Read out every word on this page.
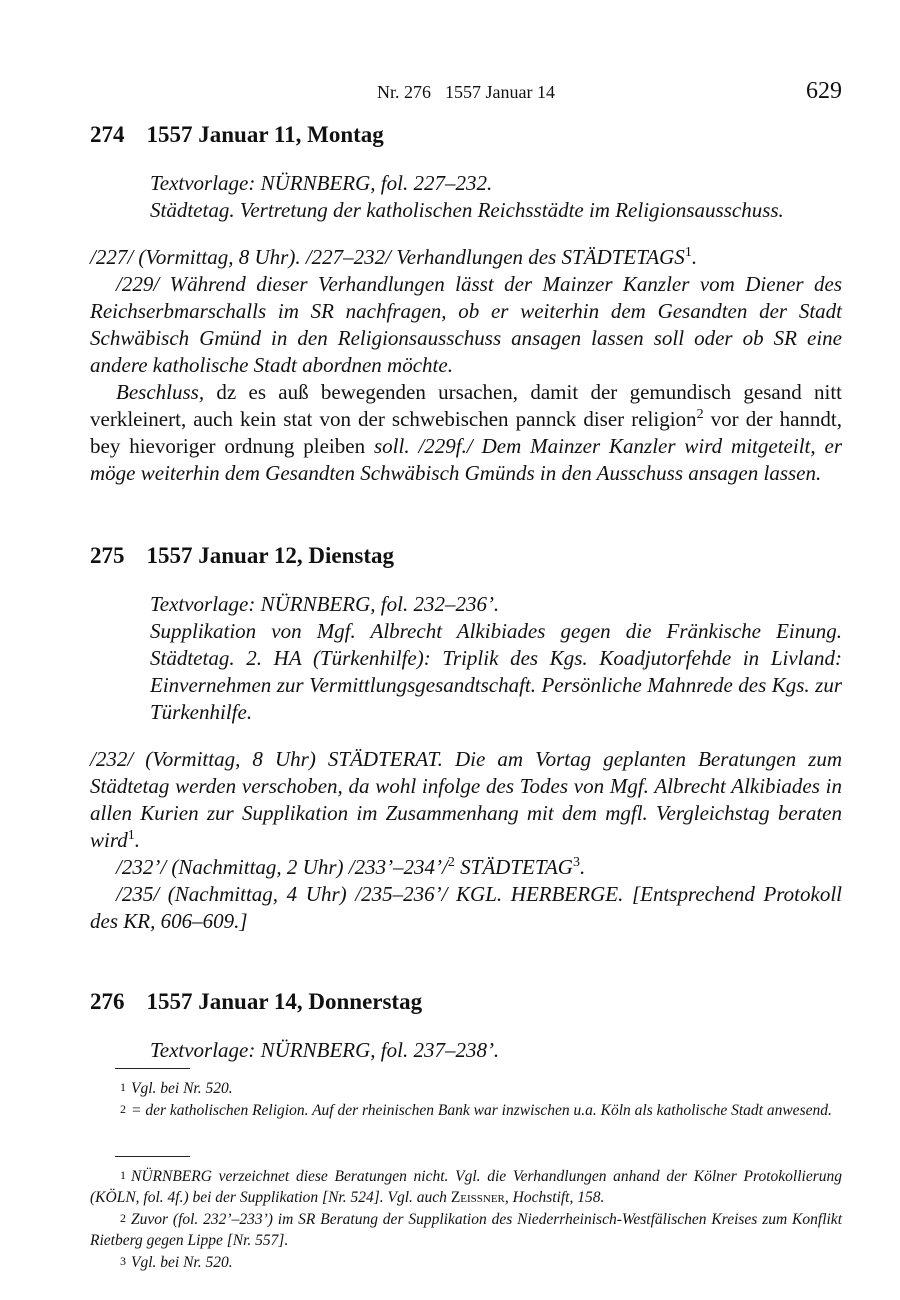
Nr. 276 1557 Januar 14	629
274 1557 Januar 11, Montag
Textvorlage: NÜRNBERG, fol. 227–232.
Städtetag. Vertretung der katholischen Reichsstädte im Religionsausschuss.

/227/ (Vormittag, 8 Uhr). /227–232/ Verhandlungen des STÄDTETAGS$^1$.

/229/ Während dieser Verhandlungen lässt der Mainzer Kanzler vom Diener des Reichserbmarschalls im SR nachfragen, ob er weiterhin dem Gesandten der Stadt Schwäbisch Gmünd in den Religionsausschuss ansagen lassen soll oder ob SR eine andere katholische Stadt abordnen möchte.

Beschluss, dz es auß bewegenden ursachen, damit der gemundisch gesand nitt verkleinert, auch kein stat von der schwebischen pannck diser religion$^2$ vor der hanndt, bey hievoriger ordnung pleiben soll. /229f./ Dem Mainzer Kanzler wird mitgeteilt, er möge weiterhin dem Gesandten Schwäbisch Gmünds in den Ausschuss ansagen lassen.

275 1557 Januar 12, Dienstag
Textvorlage: NÜRNBERG, fol. 232–236’.
Supplikation von Mgf. Albrecht Alkibiades gegen die Fränkische Einung. Städtetag. 2. HA (Türkenhilfe): Triplik des Kgs. Koadjutorfehde in Livland: Einvernehmen zur Vermittlungsgesandtschaft. Persönliche Mahnrede des Kgs. zur Türkenhilfe.

/232/ (Vormittag, 8 Uhr) STÄDTERAT. Die am Vortag geplanten Beratungen zum Städtetag werden verschoben, da wohl infolge des Todes von Mgf. Albrecht Alkibiades in allen Kurien zur Supplikation im Zusammenhang mit dem mgfl. Vergleichstag beraten wird$^1$.

/232’/ (Nachmittag, 2 Uhr) /233’–234’/$^2$ STÄDTETAG$^3$.

/235/ (Nachmittag, 4 Uhr) /235–236’/ KGL. HERBERGE. [Entsprechend Protokoll des KR, 606–609.]

276 1557 Januar 14, Donnerstag
Textvorlage: NÜRNBERG, fol. 237–238’.

1 Vgl. bei Nr. 520.

2 = der katholischen Religion. Auf der rheinischen Bank war inzwischen u.a. Köln als katholische Stadt anwesend.

1 NÜRNBERG verzeichnet diese Beratungen nicht. Vgl. die Verhandlungen anhand der Kölner Protokollierung (KÖLN, fol. 4f.) bei der Supplikation [Nr. 524]. Vgl. auch Zeissner, Hochstift, 158.

2 Zuvor (fol. 232’–233’) im SR Beratung der Supplikation des Niederrheinisch-Westfälischen Kreises zum Konflikt Rietberg gegen Lippe [Nr. 557].

3 Vgl. bei Nr. 520.
